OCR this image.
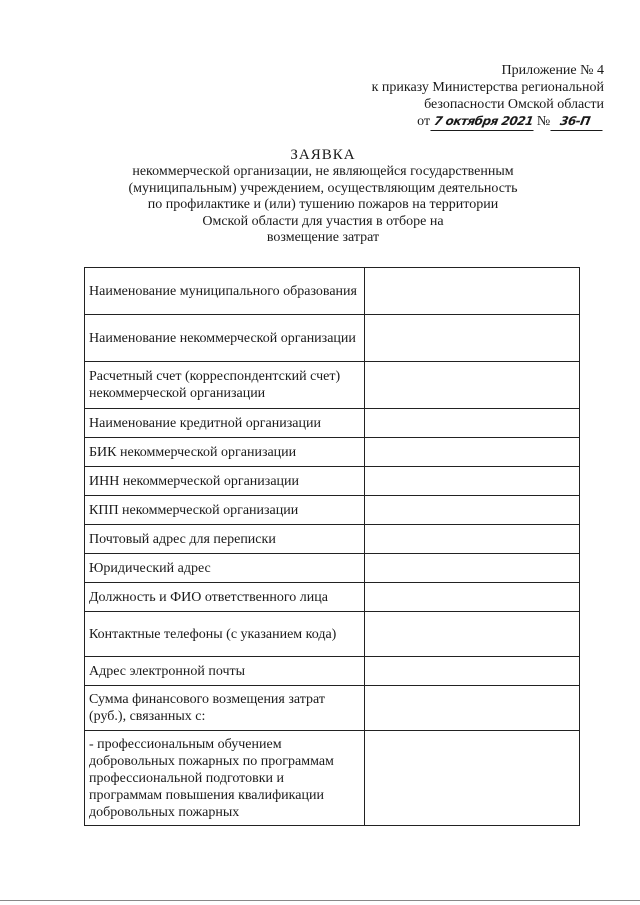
Приложение № 4
к приказу Министерства региональной
безопасности Омской области
от 7 октября 2021 № 36-П
ЗАЯВКА
некоммерческой организации, не являющейся государственным
(муниципальным) учреждением, осуществляющим деятельность
по профилактике и (или) тушению пожаров на территории
Омской области для участия в отборе на
возмещение затрат
Наименование муниципального образования	
Наименование некоммерческой организации	
Расчетный счет (корреспондентский счет) некоммерческой организации	
Наименование кредитной организации	
БИК некоммерческой организации	
ИНН некоммерческой организации	
КПП некоммерческой организации	
Почтовый адрес для переписки	
Юридический адрес	
Должность и ФИО ответственного лица	
Контактные телефоны (с указанием кода)	
Адрес электронной почты	
Сумма финансового возмещения затрат (руб.), связанных с:	
- профессиональным обучением добровольных пожарных по программам профессиональной подготовки и программам повышения квалификации добровольных пожарных	
